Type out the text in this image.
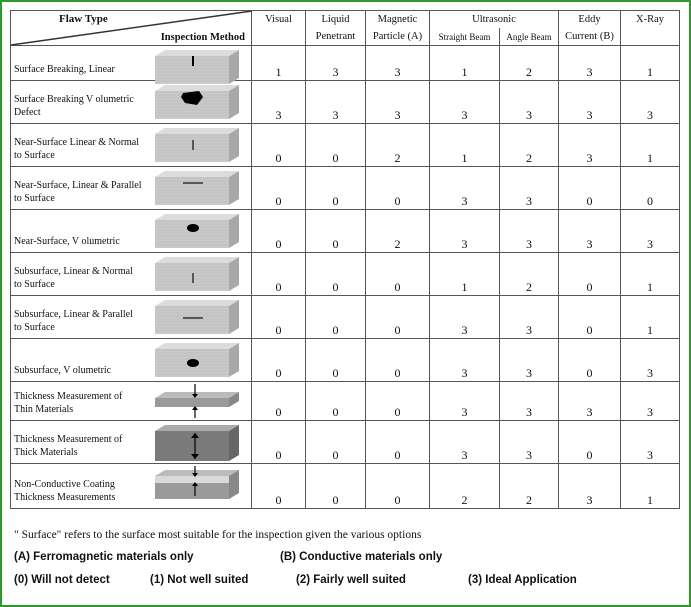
Flaw Type
Inspection Method	Visual	Liquid	Magnetic	Ultrasonic		Eddy	X-Ray
		Penetrant	Particle (A)	Straight Beam	Angle Beam	Current (B)	

Surface Breaking, Linear	1	3	3	1	2	3	1

Surface Breaking V olumetric Defect	3	3	3	3	3	3	3

Near-Surface Linear & Normal to Surface	0	0	2	1	2	3	1

Near-Surface, Linear & Parallel to Surface	0	0	0	3	3	0	0

Near-Surface, V olumetric	0	0	2	3	3	3	3

Subsurface, Linear & Normal to Surface	0	0	0	1	2	0	1

Subsurface, Linear & Parallel to Surface	0	0	0	3	3	0	1

Subsurface, V olumetric	0	0	0	3	3	0	3

Thickness Measurement of Thin Materials	0	0	0	3	3	3	3

Thickness Measurement of Thick Materials	0	0	0	3	3	0	3

Non-Conductive Coating Thickness Measurements	0	0	0	2	2	3	1
" Surface" refers to the surface most suitable for the inspection given the various options
(A) Ferromagnetic materials only	(B) Conductive materials only
(0) Will not detect	(1) Not well suited	(2) Fairly well suited	(3) Ideal Application
